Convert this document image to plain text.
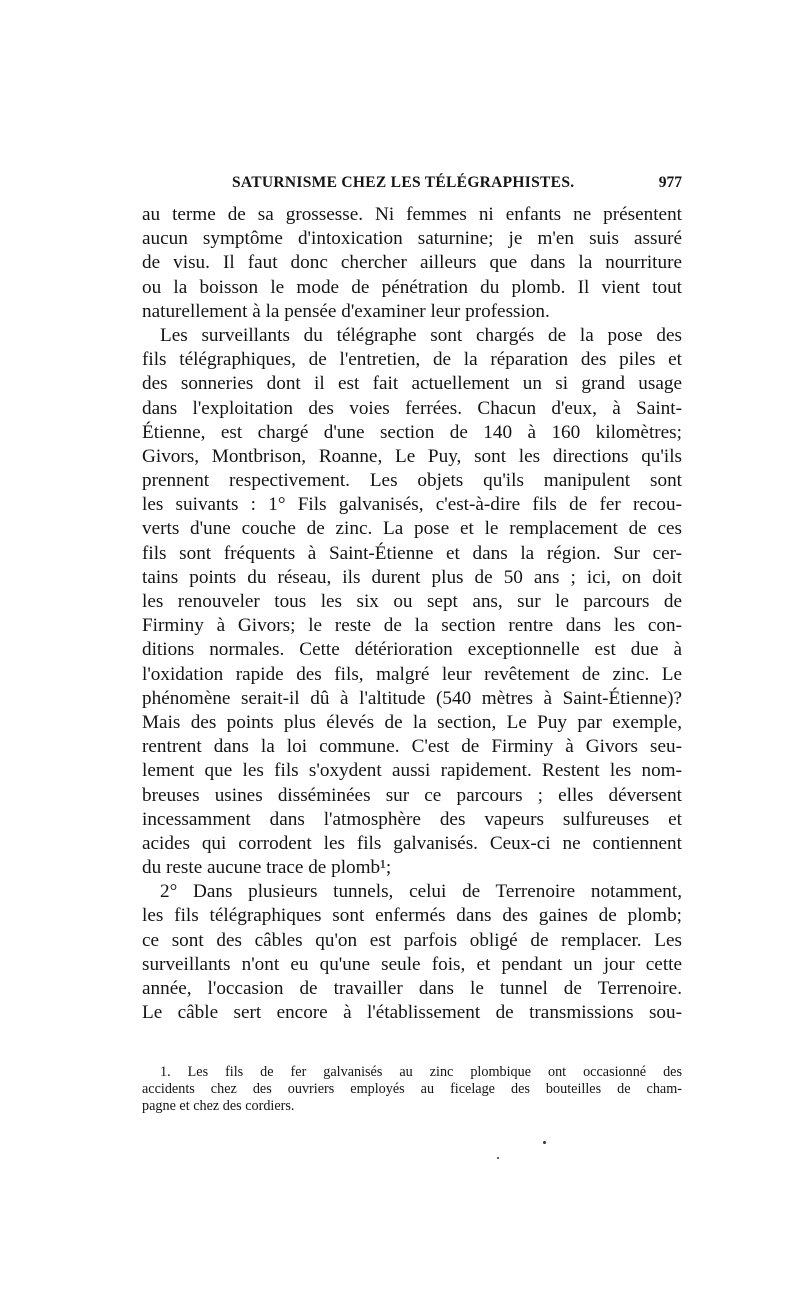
SATURNISME CHEZ LES TÉLÉGRAPHISTES.	977
au terme de sa grossesse. Ni femmes ni enfants ne présentent
aucun symptôme d'intoxication saturnine; je m'en suis assuré
de visu. Il faut donc chercher ailleurs que dans la nourriture
ou la boisson le mode de pénétration du plomb. Il vient tout
naturellement à la pensée d'examiner leur profession.
Les surveillants du télégraphe sont chargés de la pose des
fils télégraphiques, de l'entretien, de la réparation des piles et
des sonneries dont il est fait actuellement un si grand usage
dans l'exploitation des voies ferrées. Chacun d'eux, à Saint-
Étienne, est chargé d'une section de 140 à 160 kilomètres;
Givors, Montbrison, Roanne, Le Puy, sont les directions qu'ils
prennent respectivement. Les objets qu'ils manipulent sont
les suivants : 1° Fils galvanisés, c'est-à-dire fils de fer recou-
verts d'une couche de zinc. La pose et le remplacement de ces
fils sont fréquents à Saint-Étienne et dans la région. Sur cer-
tains points du réseau, ils durent plus de 50 ans ; ici, on doit
les renouveler tous les six ou sept ans, sur le parcours de
Firminy à Givors; le reste de la section rentre dans les con-
ditions normales. Cette détérioration exceptionnelle est due à
l'oxidation rapide des fils, malgré leur revêtement de zinc. Le
phénomène serait-il dû à l'altitude (540 mètres à Saint-Étienne)?
Mais des points plus élevés de la section, Le Puy par exemple,
rentrent dans la loi commune. C'est de Firminy à Givors seu-
lement que les fils s'oxydent aussi rapidement. Restent les nom-
breuses usines disséminées sur ce parcours ; elles déversent
incessamment dans l'atmosphère des vapeurs sulfureuses et
acides qui corrodent les fils galvanisés. Ceux-ci ne contiennent
du reste aucune trace de plomb¹;
2° Dans plusieurs tunnels, celui de Terrenoire notamment,
les fils télégraphiques sont enfermés dans des gaines de plomb;
ce sont des câbles qu'on est parfois obligé de remplacer. Les
surveillants n'ont eu qu'une seule fois, et pendant un jour cette
année, l'occasion de travailler dans le tunnel de Terrenoire.
Le câble sert encore à l'établissement de transmissions sou-
1. Les fils de fer galvanisés au zinc plombique ont occasionné des
accidents chez des ouvriers employés au ficelage des bouteilles de cham-
pagne et chez des cordiers.
